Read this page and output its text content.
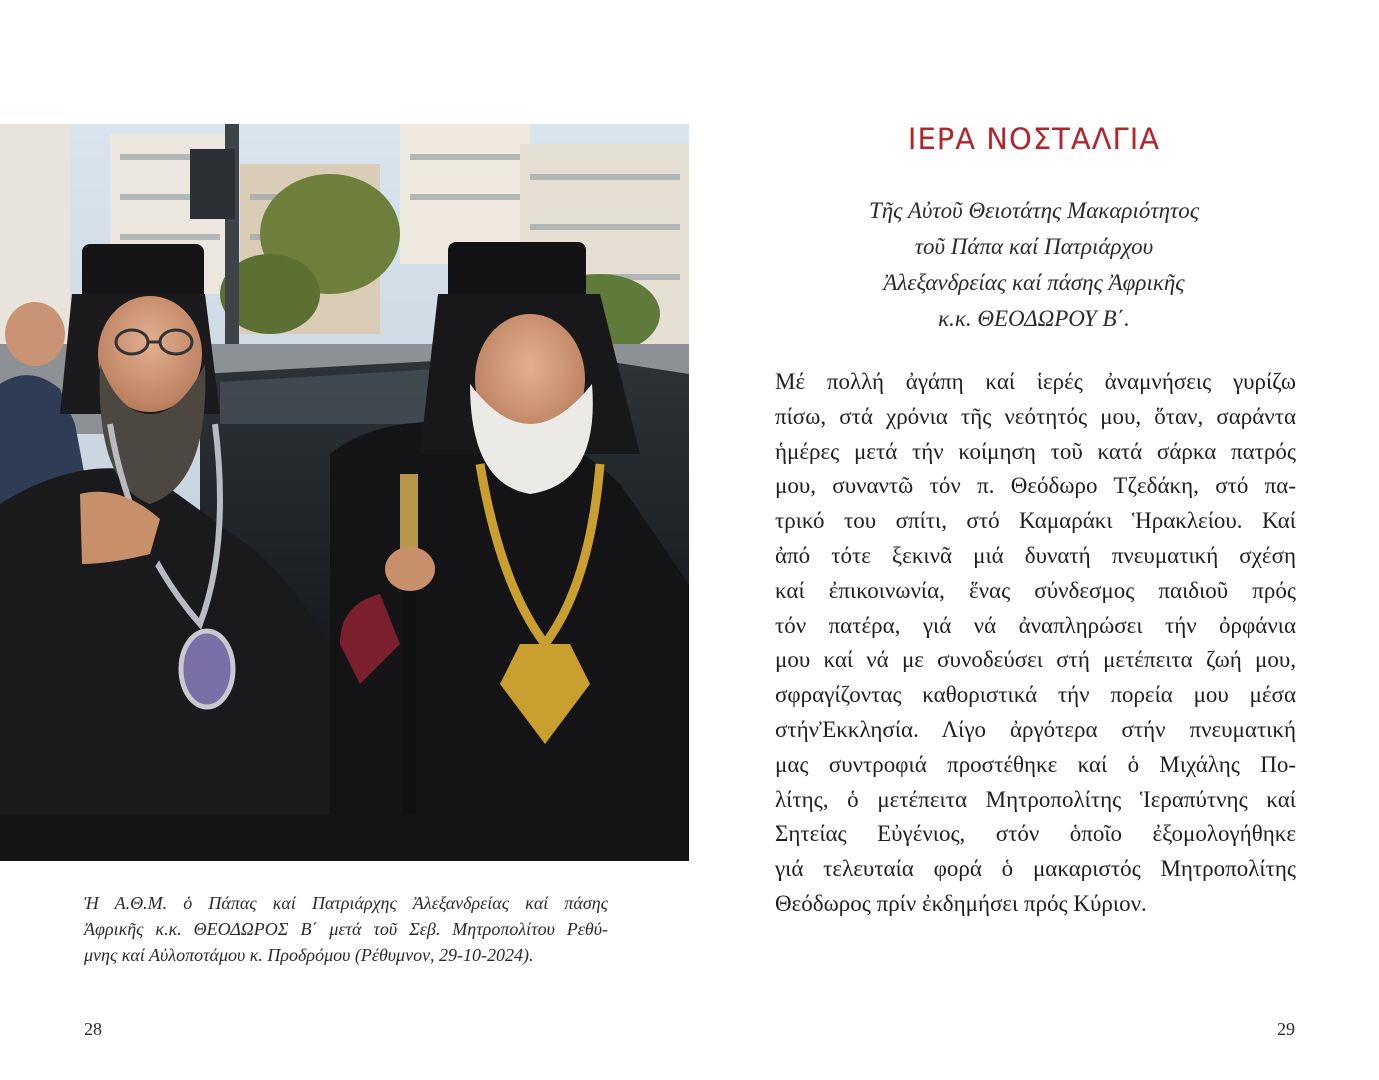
Ἡ Α.Θ.Μ. ὁ Πάπας καί Πατριάρχης Ἀλεξανδρείας καί πάσης
Ἀφρικῆς κ.κ. ΘΕΟΔΩΡΟΣ Β΄ μετά τοῦ Σεβ. Μητροπολίτου Ρεθύ-
μνης καί Αὐλοποτάμου κ. Προδρόμου (Ρέθυμνον, 29-10-2024).
28
ΙΕΡΑ ΝΟΣΤΑΛΓΙΑ
Τῆς Αὐτοῦ Θειοτάτης Μακαριότητος
τοῦ Πάπα καί Πατριάρχου
Ἀλεξανδρείας καί πάσης Ἀφρικῆς
κ.κ. ΘΕΟΔΩΡΟΥ Β΄.
Μέ πολλή ἀγάπη καί ἱερές ἀναμνήσεις γυρίζω
πίσω, στά χρόνια τῆς νεότητός μου, ὅταν, σαράντα
ἡμέρες μετά τήν κοίμηση τοῦ κατά σάρκα πατρός
μου, συναντῶ τόν π. Θεόδωρο Τζεδάκη, στό πα-
τρικό του σπίτι, στό Καμαράκι Ἡρακλείου. Καί
ἀπό τότε ξεκινᾶ μιά δυνατή πνευματική σχέση
καί ἐπικοινωνία, ἕνας σύνδεσμος παιδιοῦ πρός
τόν πατέρα, γιά νά ἀναπληρώσει τήν ὀρφάνια
μου καί νά με συνοδεύσει στή μετέπειτα ζωή μου,
σφραγίζοντας καθοριστικά τήν πορεία μου μέσα
στήνἘκκλησία. Λίγο ἀργότερα στήν πνευματική
μας συντροφιά προστέθηκε καί ὁ Μιχάλης Πο-
λίτης, ὁ μετέπειτα Μητροπολίτης Ἱεραπύτνης καί
Σητείας Εὐγένιος, στόν ὁποῖο ἐξομολογήθηκε
γιά τελευταία φορά ὁ μακαριστός Μητροπολίτης
Θεόδωρος πρίν ἐκδημήσει πρός Κύριον.
29
